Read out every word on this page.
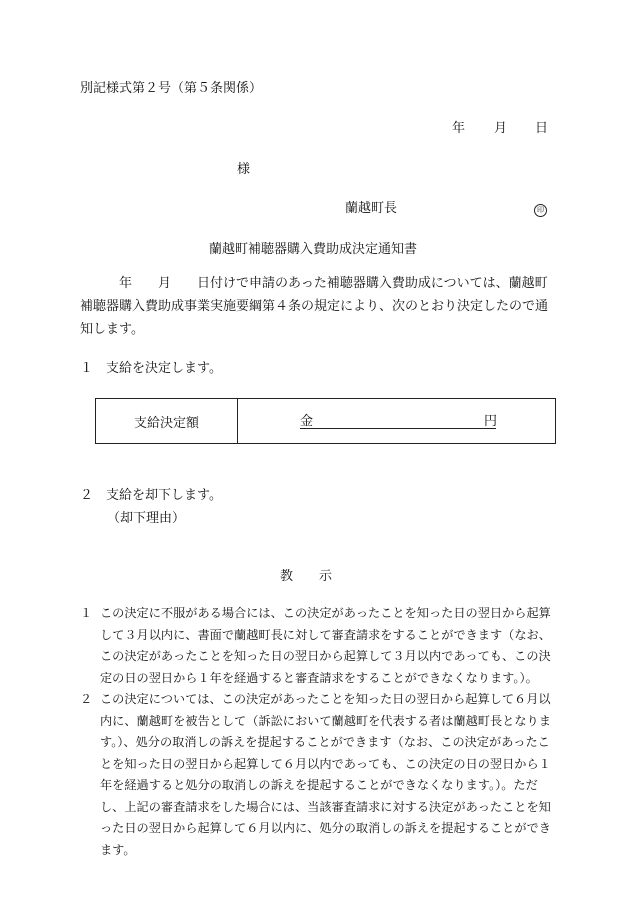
別記様式第２号（第５条関係）
年 月 日
様
蘭越町長	印
蘭越町補聴器購入費助成決定通知書
　　　年　　月　　日付けで申請のあった補聴器購入費助成については、蘭越町補聴器購入費助成事業実施要綱第４条の規定により、次のとおり決定したので通知します。
１　支給を決定します。
支給決定額	金	円
２　支給を却下します。
（却下理由）
教　　示
１ この決定に不服がある場合には、この決定があったことを知った日の翌日から起算して３月以内に、書面で蘭越町長に対して審査請求をすることができます（なお、この決定があったことを知った日の翌日から起算して３月以内であっても、この決定の日の翌日から１年を経過すると審査請求をすることができなくなります。）。
２ この決定については、この決定があったことを知った日の翌日から起算して６月以内に、蘭越町を被告として（訴訟において蘭越町を代表する者は蘭越町長となります。）、処分の取消しの訴えを提起することができます（なお、この決定があったことを知った日の翌日から起算して６月以内であっても、この決定の日の翌日から１年を経過すると処分の取消しの訴えを提起することができなくなります。）。ただし、上記の審査請求をした場合には、当該審査請求に対する決定があったことを知った日の翌日から起算して６月以内に、処分の取消しの訴えを提起することができます。
